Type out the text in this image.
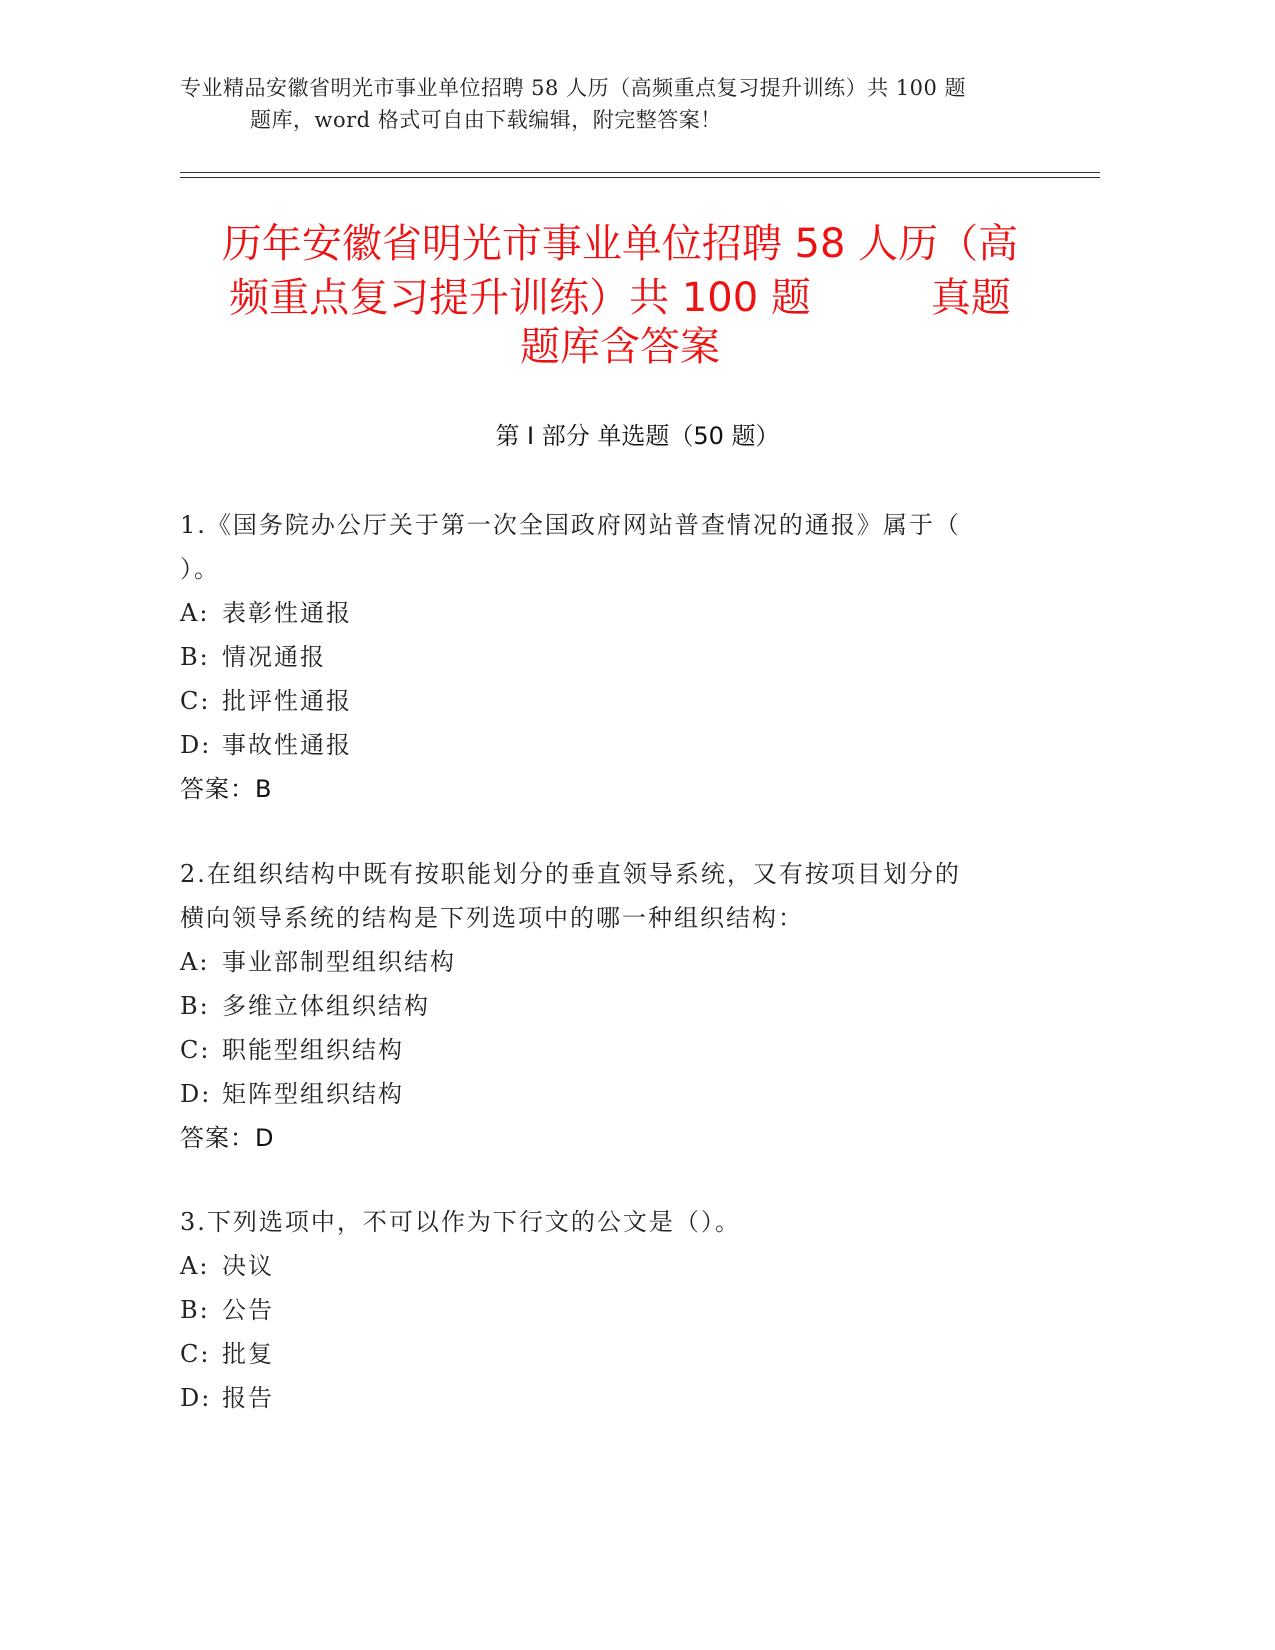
专业精品安徽省明光市事业单位招聘 58 人历（高频重点复习提升训练）共 100 题
题库，word 格式可自由下载编辑，附完整答案！
历年安徽省明光市事业单位招聘 58 人历（高
频重点复习提升训练）共 100 题	真题
题库含答案
第 I 部分 单选题（50 题）
1.《国务院办公厅关于第一次全国政府网站普查情况的通报》属于（
）。
A: 表彰性通报
B: 情况通报
C: 批评性通报
D: 事故性通报
答案：B
2.在组织结构中既有按职能划分的垂直领导系统，又有按项目划分的
横向领导系统的结构是下列选项中的哪一种组织结构：
A: 事业部制型组织结构
B: 多维立体组织结构
C: 职能型组织结构
D: 矩阵型组织结构
答案：D
3.下列选项中，不可以作为下行文的公文是（）。
A: 决议
B: 公告
C: 批复
D: 报告
